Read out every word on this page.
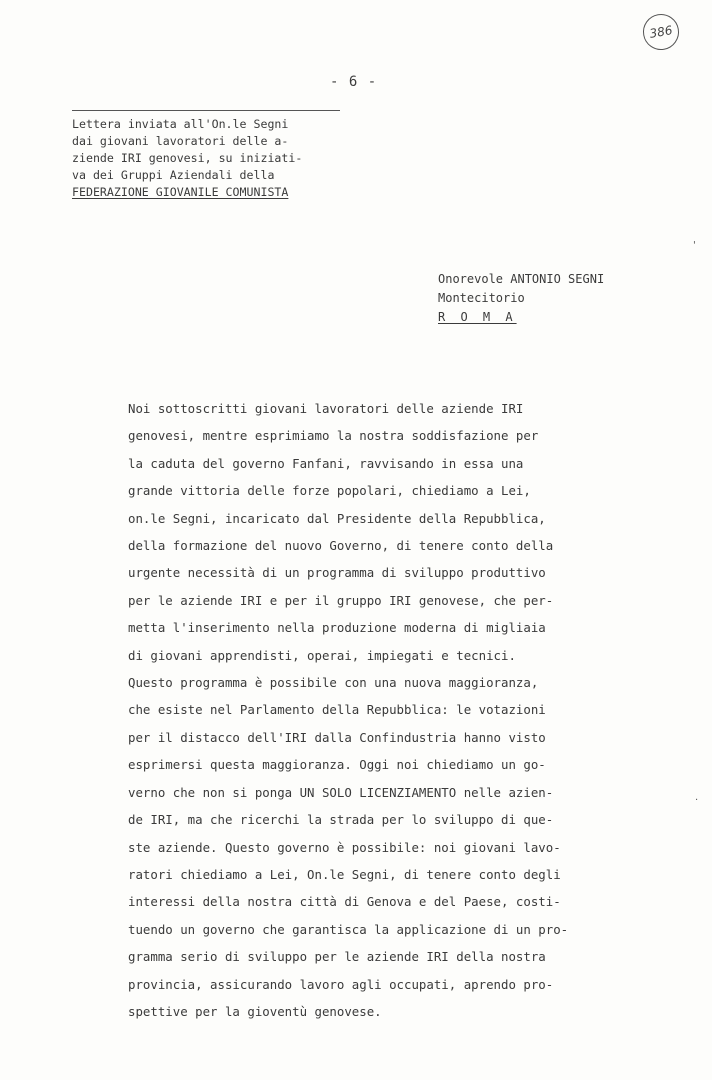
386
- 6 -
Lettera inviata all'On.le Segni
dai giovani lavoratori delle a-
ziende IRI genovesi, su iniziati-
va dei Gruppi Aziendali della
FEDERAZIONE GIOVANILE COMUNISTA
Onorevole ANTONIO SEGNI
Montecitorio
R O M A
Noi sottoscritti giovani lavoratori delle aziende IRI
genovesi, mentre esprimiamo la nostra soddisfazione per
la caduta del governo Fanfani, ravvisando in essa una
grande vittoria delle forze popolari, chiediamo a Lei,
on.le Segni, incaricato dal Presidente della Repubblica,
della formazione del nuovo Governo, di tenere conto della
urgente necessità di un programma di sviluppo produttivo
per le aziende IRI e per il gruppo IRI genovese, che per-
metta l'inserimento nella produzione moderna di migliaia
di giovani apprendisti, operai, impiegati e tecnici.
Questo programma è possibile con una nuova maggioranza,
che esiste nel Parlamento della Repubblica: le votazioni
per il distacco dell'IRI dalla Confindustria hanno visto
esprimersi questa maggioranza. Oggi noi chiediamo un go-
verno che non si ponga UN SOLO LICENZIAMENTO nelle azien-
de IRI, ma che ricerchi la strada per lo sviluppo di que-
ste aziende. Questo governo è possibile: noi giovani lavo-
ratori chiediamo a Lei, On.le Segni, di tenere conto degli
interessi della nostra città di Genova e del Paese, costi-
tuendo un governo che garantisca la applicazione di un pro-
gramma serio di sviluppo per le aziende IRI della nostra
provincia, assicurando lavoro agli occupati, aprendo pro-
spettive per la gioventù genovese.
'
·
